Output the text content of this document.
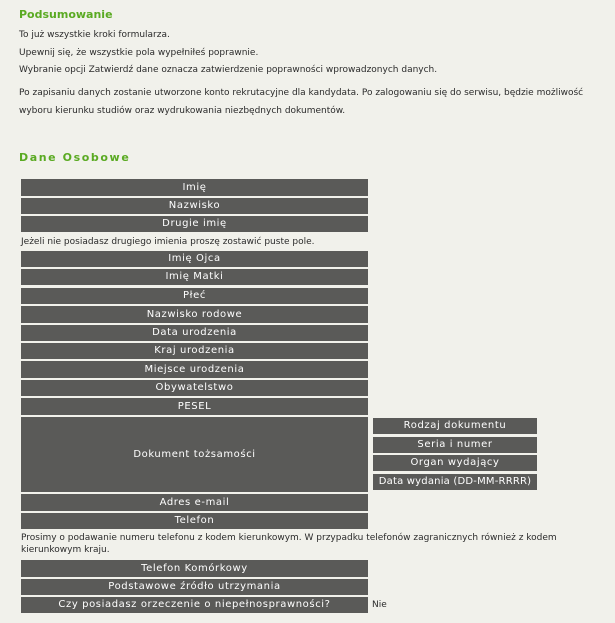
Podsumowanie

To już wszystkie kroki formularza.

Upewnij się, że wszystkie pola wypełniłeś poprawnie.

Wybranie opcji Zatwierdź dane oznacza zatwierdzenie poprawności wprowadzonych danych.

Po zapisaniu danych zostanie utworzone konto rekrutacyjne dla kandydata. Po zalogowaniu się do serwisu, będzie możliwość wyboru kierunku studiów oraz wydrukowania niezbędnych dokumentów.

Dane Osobowe
Imię
Nazwisko
Drugie imię

Jeżeli nie posiadasz drugiego imienia proszę zostawić puste pole.

Imię Ojca
Imię Matki
Płeć
Nazwisko rodowe
Data urodzenia
Kraj urodzenia
Miejsce urodzenia
Obywatelstwo
PESEL
Dokument tożsamości
Rodzaj dokumentu
Seria i numer
Organ wydający
Data wydania (DD-MM-RRRR)
Adres e-mail
Telefon

Prosimy o podawanie numeru telefonu z kodem kierunkowym. W przypadku telefonów zagranicznych również z kodem kierunkowym kraju.

Telefon Komórkowy
Podstawowe źródło utrzymania
Czy posiadasz orzeczenie o niepełnosprawności?	Nie
